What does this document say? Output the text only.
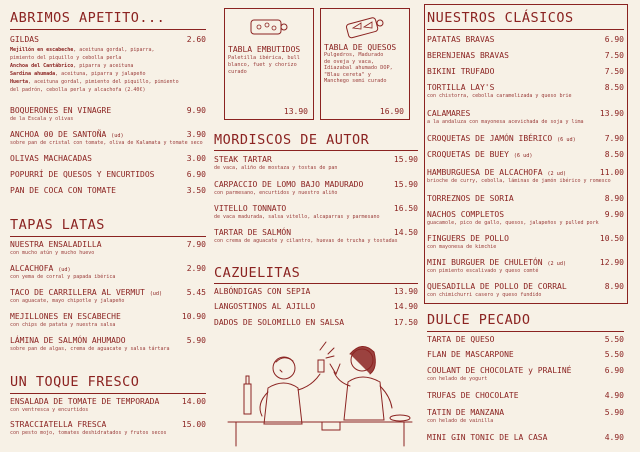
ABRIMOS APETITO...
GILDAS	2.60
Mejillón en escabeche, aceituna gordal, piparra,
pimiento del piquillo y cebolla perla
Anchoa del Cantábrico, piparra y aceituna
Sardina ahumada, aceituna, piparra y jalapeño
Huerta, aceituna gordal, pimiento del piquillo, pimiento
del padrón, cebolla perla y alcachofa (2.40€)
BOQUERONES EN VINAGRE	9.90
de la Escala y olivas
ANCHOA 00 DE SANTOÑA (ud)	3.90
sobre pan de cristal con tomate, oliva de Kalamata y tomate seco
OLIVAS MACHACADAS	3.00
POPURRÍ DE QUESOS Y ENCURTIDOS	6.90
PAN DE COCA CON TOMATE	3.50
TAPAS LATAS
NUESTRA ENSALADILLA	7.90
con mucho atún y mucho huevo
ALCACHOFA (ud)	2.90
con yema de corral y papada ibérica
TACO DE CARRILLERA AL VERMUT (ud)	5.45
con aguacate, mayo chipotle y jalapeño
MEJILLONES EN ESCABECHE	10.90
con chips de patata y nuestra salsa
LÁMINA DE SALMÓN AHUMADO	5.90
sobre pan de algas, crema de aguacate y salsa tártara
UN TOQUE FRESCO
ENSALADA DE TOMATE DE TEMPORADA	14.00
con ventresca y encurtidos
STRACCIATELLA FRESCA	15.00
con pesto mojo, tomates deshidratados y frutos secos
TABLA EMBUTIDOS
Paletilla ibérica, bull
blanco, fuet y chorizo
curado
13.90
TABLA DE QUESOS
Pulgedros, Madurado
de oveja y vaca,
Idiazabal ahumado DOP,
"Blau cereta" y
Manchego semi curado
16.90
MORDISCOS DE AUTOR
STEAK TARTAR	15.90
de vaca, aliño de mostaza y tostas de pan
CARPACCIO DE LOMO BAJO MADURADO	15.90
con parmesano, encurtidos y nuestro aliño
VITELLO TONNATO	16.50
de vaca madurada, salsa vitello, alcaparras y parmesano
TARTAR DE SALMÓN	14.50
con crema de aguacate y cilantro, huevas de trucha y tostadas
CAZUELITAS
ALBÓNDIGAS CON SEPIA	13.90
LANGOSTINOS AL AJILLO	14.90
DADOS DE SOLOMILLO EN SALSA	17.50
NUESTROS CLÁSICOS
PATATAS BRAVAS	6.90
BERENJENAS BRAVAS	7.50
BIKINI TRUFADO	7.50
TORTILLA LAY'S	8.50
con chistorra, cebolla caramelizada y queso brie
CALAMARES	13.90
a la andaluza con mayonesa acevichada de soja y lima
CROQUETAS DE JAMÓN IBÉRICO (6 ud)	7.90
CROQUETAS DE BUEY (6 ud)	8.50
HAMBURGUESA DE ALCACHOFA (2 ud)	11.00
brioche de curry, cebolla, láminas de jamón ibérico y romesco
TORREZNOS DE SORIA	8.90
NACHOS COMPLETOS	9.90
guacamole, pico de gallo, quesos, jalapeños y pulled pork
FINGUERS DE POLLO	10.50
con mayonesa de kimchie
MINI BURGUER DE CHULETÓN (2 ud)	12.90
con pimiento escalivado y queso comté
QUESADILLA DE POLLO DE CORRAL	8.90
con chimichurri casero y queso fundido
DULCE PECADO
TARTA DE QUESO	5.50
FLAN DE MASCARPONE	5.50
COULANT DE CHOCOLATE y PRALINÉ	6.90
con helado de yogurt
TRUFAS DE CHOCOLATE	4.90
TATIN DE MANZANA	5.90
con helado de vainilla
MINI GIN TONIC DE LA CASA	4.90
